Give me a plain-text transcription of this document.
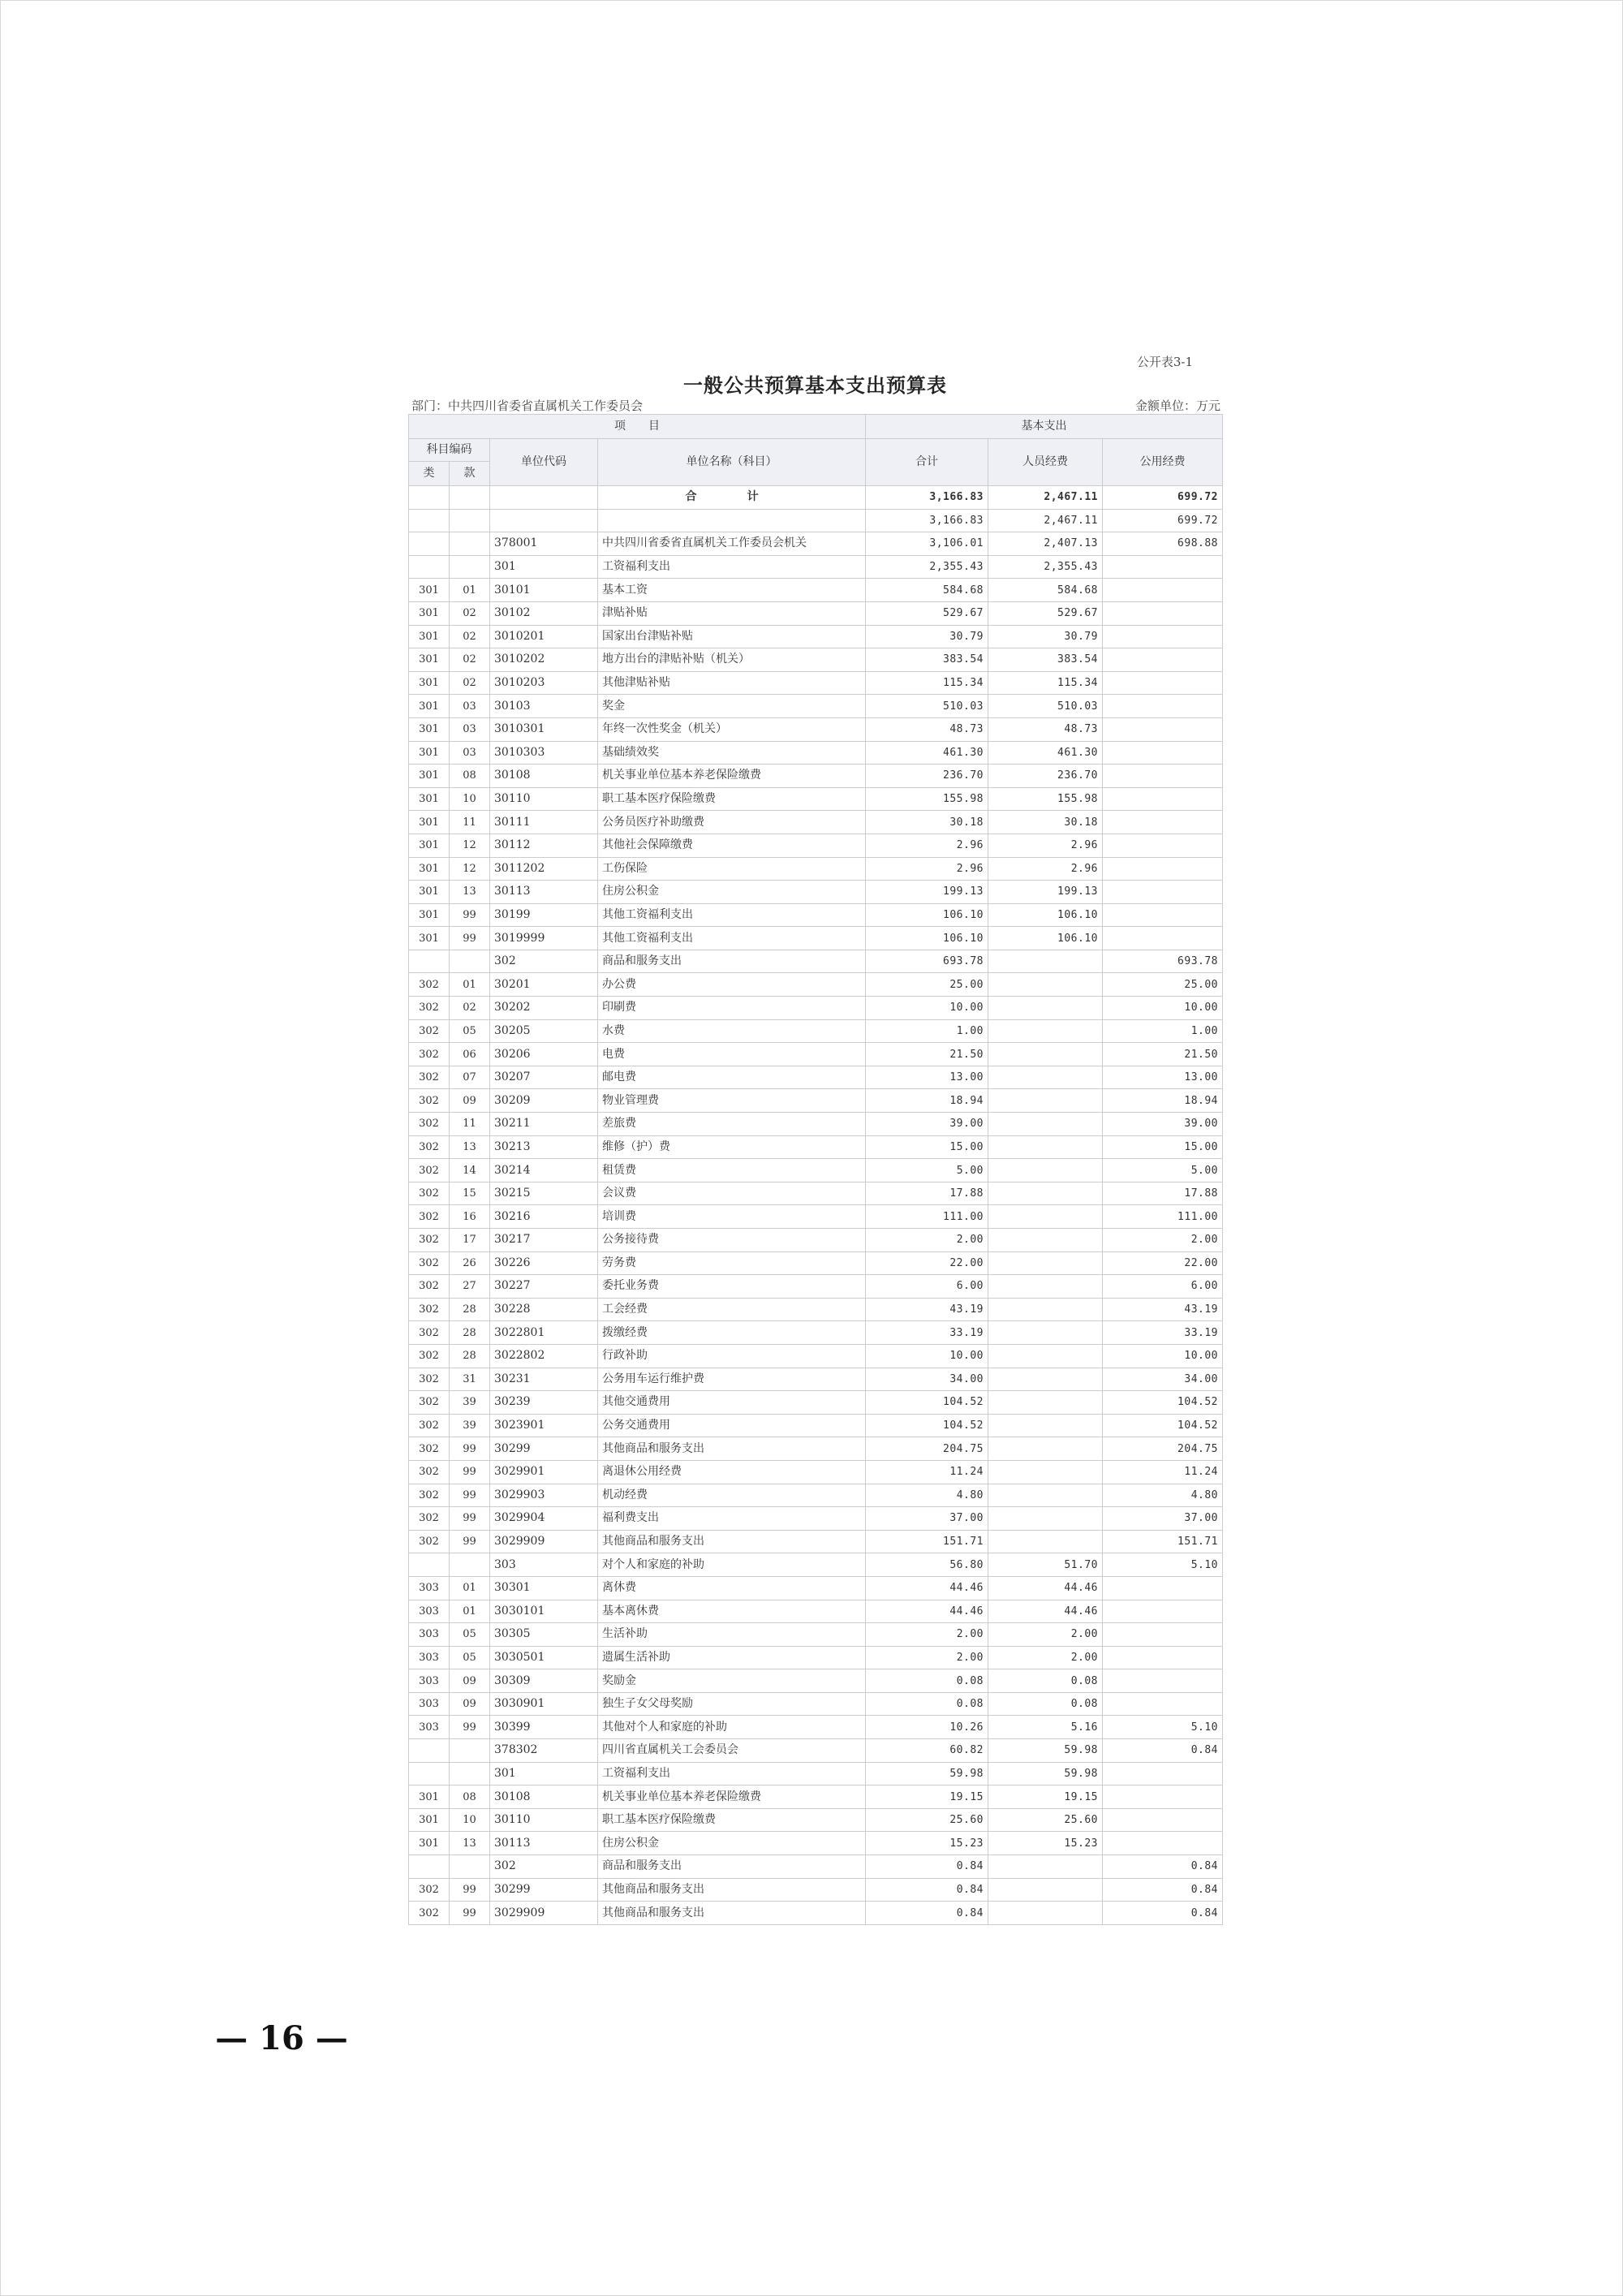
公开表3-1
一般公共预算基本支出预算表
部门：中共四川省委省直属机关工作委员会	金额单位：万元
项　　目				基本支出		
科目编码		单位代码	单位名称（科目）	合计	人员经费	公用经费
类	款					
			合　计	3,166.83	2,467.11	699.72
				3,166.83	2,467.11	699.72
		378001	中共四川省委省直属机关工作委员会机关	3,106.01	2,407.13	698.88
		301	工资福利支出	2,355.43	2,355.43	
301	01	30101	基本工资	584.68	584.68	
301	02	30102	津贴补贴	529.67	529.67	
301	02	3010201	国家出台津贴补贴	30.79	30.79	
301	02	3010202	地方出台的津贴补贴（机关）	383.54	383.54	
301	02	3010203	其他津贴补贴	115.34	115.34	
301	03	30103	奖金	510.03	510.03	
301	03	3010301	年终一次性奖金（机关）	48.73	48.73	
301	03	3010303	基础绩效奖	461.30	461.30	
301	08	30108	机关事业单位基本养老保险缴费	236.70	236.70	
301	10	30110	职工基本医疗保险缴费	155.98	155.98	
301	11	30111	公务员医疗补助缴费	30.18	30.18	
301	12	30112	其他社会保障缴费	2.96	2.96	
301	12	3011202	工伤保险	2.96	2.96	
301	13	30113	住房公积金	199.13	199.13	
301	99	30199	其他工资福利支出	106.10	106.10	
301	99	3019999	其他工资福利支出	106.10	106.10	
		302	商品和服务支出	693.78		693.78
302	01	30201	办公费	25.00		25.00
302	02	30202	印刷费	10.00		10.00
302	05	30205	水费	1.00		1.00
302	06	30206	电费	21.50		21.50
302	07	30207	邮电费	13.00		13.00
302	09	30209	物业管理费	18.94		18.94
302	11	30211	差旅费	39.00		39.00
302	13	30213	维修（护）费	15.00		15.00
302	14	30214	租赁费	5.00		5.00
302	15	30215	会议费	17.88		17.88
302	16	30216	培训费	111.00		111.00
302	17	30217	公务接待费	2.00		2.00
302	26	30226	劳务费	22.00		22.00
302	27	30227	委托业务费	6.00		6.00
302	28	30228	工会经费	43.19		43.19
302	28	3022801	拨缴经费	33.19		33.19
302	28	3022802	行政补助	10.00		10.00
302	31	30231	公务用车运行维护费	34.00		34.00
302	39	30239	其他交通费用	104.52		104.52
302	39	3023901	公务交通费用	104.52		104.52
302	99	30299	其他商品和服务支出	204.75		204.75
302	99	3029901	离退休公用经费	11.24		11.24
302	99	3029903	机动经费	4.80		4.80
302	99	3029904	福利费支出	37.00		37.00
302	99	3029909	其他商品和服务支出	151.71		151.71
		303	对个人和家庭的补助	56.80	51.70	5.10
303	01	30301	离休费	44.46	44.46	
303	01	3030101	基本离休费	44.46	44.46	
303	05	30305	生活补助	2.00	2.00	
303	05	3030501	遗属生活补助	2.00	2.00	
303	09	30309	奖励金	0.08	0.08	
303	09	3030901	独生子女父母奖励	0.08	0.08	
303	99	30399	其他对个人和家庭的补助	10.26	5.16	5.10
		378302	四川省直属机关工会委员会	60.82	59.98	0.84
		301	工资福利支出	59.98	59.98	
301	08	30108	机关事业单位基本养老保险缴费	19.15	19.15	
301	10	30110	职工基本医疗保险缴费	25.60	25.60	
301	13	30113	住房公积金	15.23	15.23	
		302	商品和服务支出	0.84		0.84
302	99	30299	其他商品和服务支出	0.84		0.84
302	99	3029909	其他商品和服务支出	0.84		0.84
— 16 —
